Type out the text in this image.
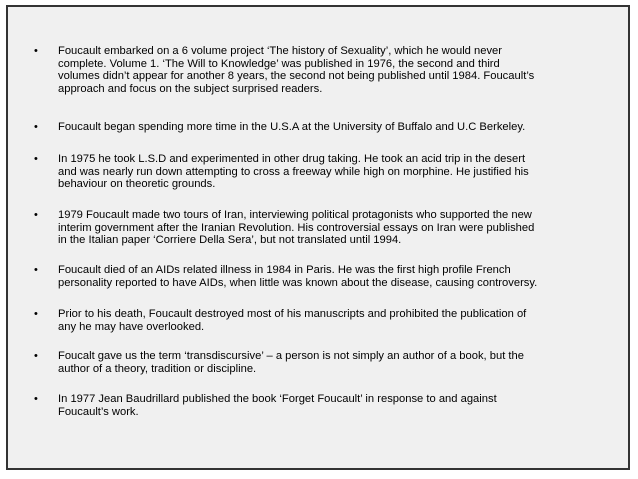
• Foucault embarked on a 6 volume project ‘The history of Sexuality’, which he would never
complete. Volume 1. ‘The Will to Knowledge’ was published in 1976, the second and third
volumes didn’t appear for another 8 years, the second not being published until 1984. Foucault’s
approach and focus on the subject surprised readers.

• Foucault began spending more time in the U.S.A at the University of Buffalo and U.C Berkeley.

• In 1975 he took L.S.D and experimented in other drug taking. He took an acid trip in the desert
and was nearly run down attempting to cross a freeway while high on morphine. He justified his
behaviour on theoretic grounds.

• 1979 Foucault made two tours of Iran, interviewing political protagonists who supported the new
interim government after the Iranian Revolution. His controversial essays on Iran were published
in the Italian paper ‘Corriere Della Sera’, but not translated until 1994.

• Foucault died of an AIDs related illness in 1984 in Paris. He was the first high profile French
personality reported to have AIDs, when little was known about the disease, causing controversy.

• Prior to his death, Foucault destroyed most of his manuscripts and prohibited the publication of
any he may have overlooked.

• Foucalt gave us the term ‘transdiscursive’ – a person is not simply an author of a book, but the
author of a theory, tradition or discipline.

• In 1977 Jean Baudrillard published the book ‘Forget Foucault’ in response to and against
Foucault’s work.
